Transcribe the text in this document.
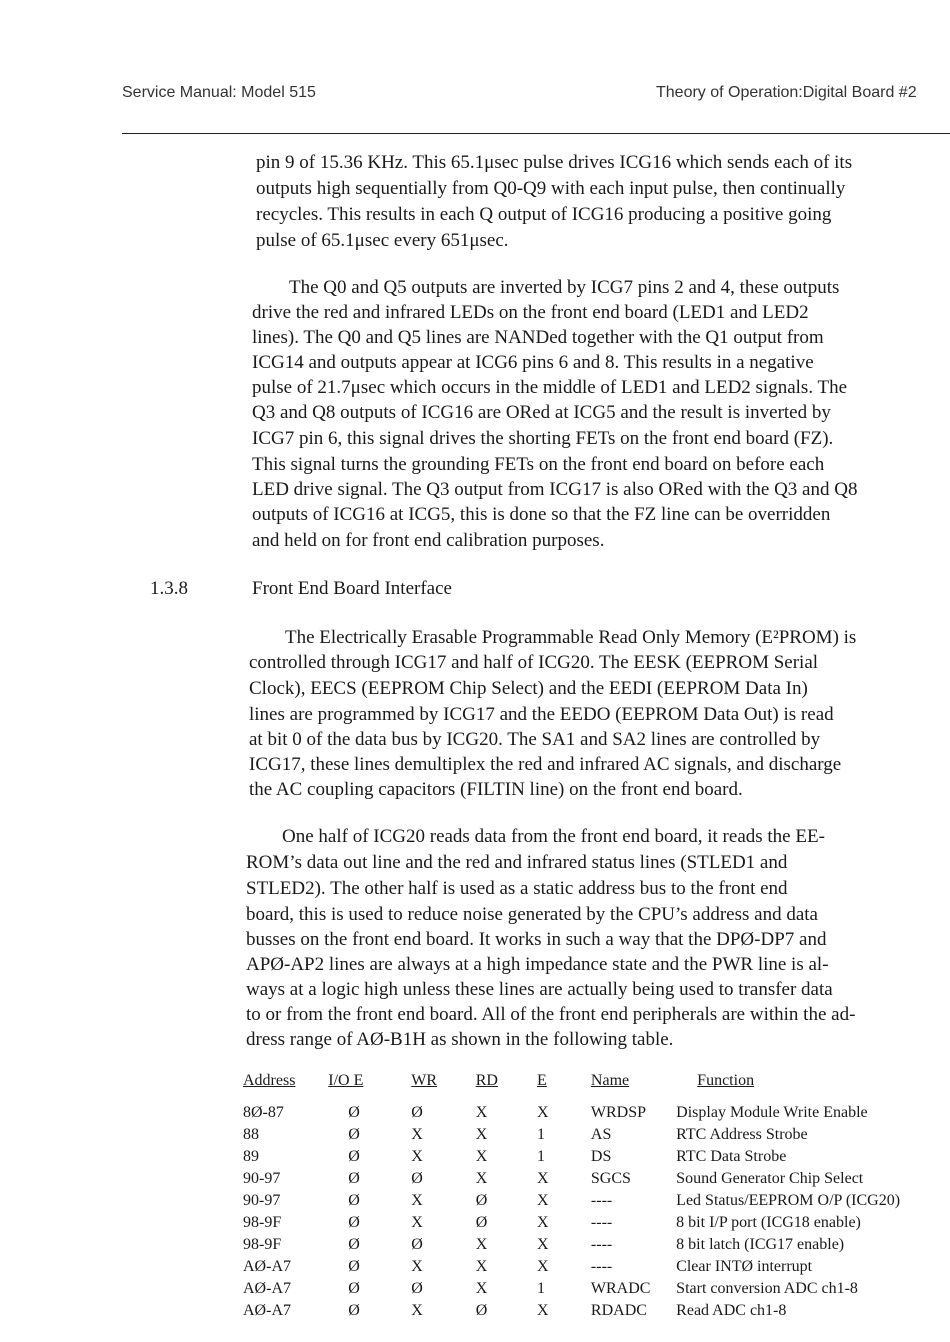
Service Manual: Model 515	Theory of Operation:Digital Board #2
pin 9 of 15.36 KHz. This 65.1μsec pulse drives ICG16 which sends each of its
outputs high sequentially from Q0-Q9 with each input pulse, then continually
recycles. This results in each Q output of ICG16 producing a positive going
pulse of 65.1μsec every 651μsec.
The Q0 and Q5 outputs are inverted by ICG7 pins 2 and 4, these outputs
drive the red and infrared LEDs on the front end board (LED1 and LED2
lines). The Q0 and Q5 lines are NANDed together with the Q1 output from
ICG14 and outputs appear at ICG6 pins 6 and 8. This results in a negative
pulse of 21.7μsec which occurs in the middle of LED1 and LED2 signals. The
Q3 and Q8 outputs of ICG16 are ORed at ICG5 and the result is inverted by
ICG7 pin 6, this signal drives the shorting FETs on the front end board (FZ).
This signal turns the grounding FETs on the front end board on before each
LED drive signal. The Q3 output from ICG17 is also ORed with the Q3 and Q8
outputs of ICG16 at ICG5, this is done so that the FZ line can be overridden
and held on for front end calibration purposes.
1.3.8	Front End Board Interface
The Electrically Erasable Programmable Read Only Memory (E²PROM) is
controlled through ICG17 and half of ICG20. The EESK (EEPROM Serial
Clock), EECS (EEPROM Chip Select) and the EEDI (EEPROM Data In)
lines are programmed by ICG17 and the EEDO (EEPROM Data Out) is read
at bit 0 of the data bus by ICG20. The SA1 and SA2 lines are controlled by
ICG17, these lines demultiplex the red and infrared AC signals, and discharge
the AC coupling capacitors (FILTIN line) on the front end board.
One half of ICG20 reads data from the front end board, it reads the EE-
ROM’s data out line and the red and infrared status lines (STLED1 and
STLED2). The other half is used as a static address bus to the front end
board, this is used to reduce noise generated by the CPU’s address and data
busses on the front end board. It works in such a way that the DPØ-DP7 and
APØ-AP2 lines are always at a high impedance state and the PWR line is al-
ways at a logic high unless these lines are actually being used to transfer data
to or from the front end board. All of the front end peripherals are within the ad-
dress range of AØ-B1H as shown in the following table.
Address	I/O E	WR	RD	E	Name	Function
8Ø-87	Ø	Ø	X	X	WRDSP	Display Module Write Enable
88	Ø	X	X	1	AS	RTC Address Strobe
89	Ø	X	X	1	DS	RTC Data Strobe
90-97	Ø	Ø	X	X	SGCS	Sound Generator Chip Select
90-97	Ø	X	Ø	X	----	Led Status/EEPROM O/P (ICG20)
98-9F	Ø	X	Ø	X	----	8 bit I/P port (ICG18 enable)
98-9F	Ø	Ø	X	X	----	8 bit latch (ICG17 enable)
AØ-A7	Ø	X	X	X	----	Clear INTØ interrupt
AØ-A7	Ø	Ø	X	1	WRADC	Start conversion ADC ch1-8
AØ-A7	Ø	X	Ø	X	RDADC	Read ADC ch1-8
